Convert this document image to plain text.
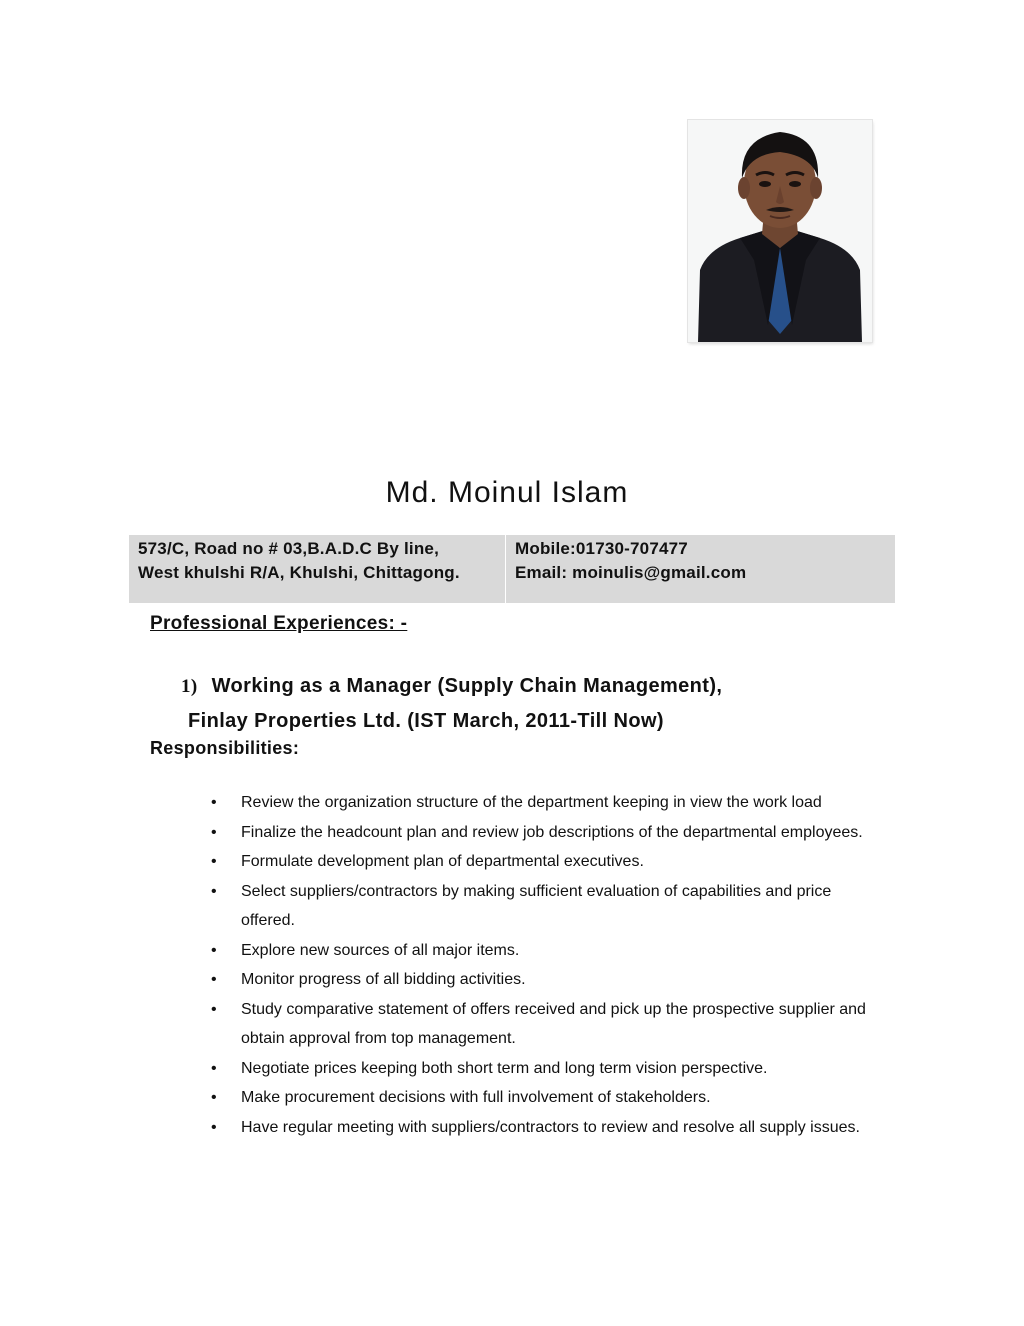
Md. Moinul Islam
573/C, Road no # 03,B.A.D.C By line,
West khulshi R/A, Khulshi, Chittagong.
Mobile:01730-707477
Email: moinulis@gmail.com
Professional Experiences: -
1) Working as a Manager (Supply Chain Management),
Finlay Properties Ltd. (IST March, 2011-Till Now)
Responsibilities:
• Review the organization structure of the department keeping in view the work load
• Finalize the headcount plan and review job descriptions of the departmental employees.
• Formulate development plan of departmental executives.
• Select suppliers/contractors by making sufficient evaluation of capabilities and price offered.
• Explore new sources of all major items.
• Monitor progress of all bidding activities.
• Study comparative statement of offers received and pick up the prospective supplier and obtain approval from top management.
• Negotiate prices keeping both short term and long term vision perspective.
• Make procurement decisions with full involvement of stakeholders.
• Have regular meeting with suppliers/contractors to review and resolve all supply issues.
